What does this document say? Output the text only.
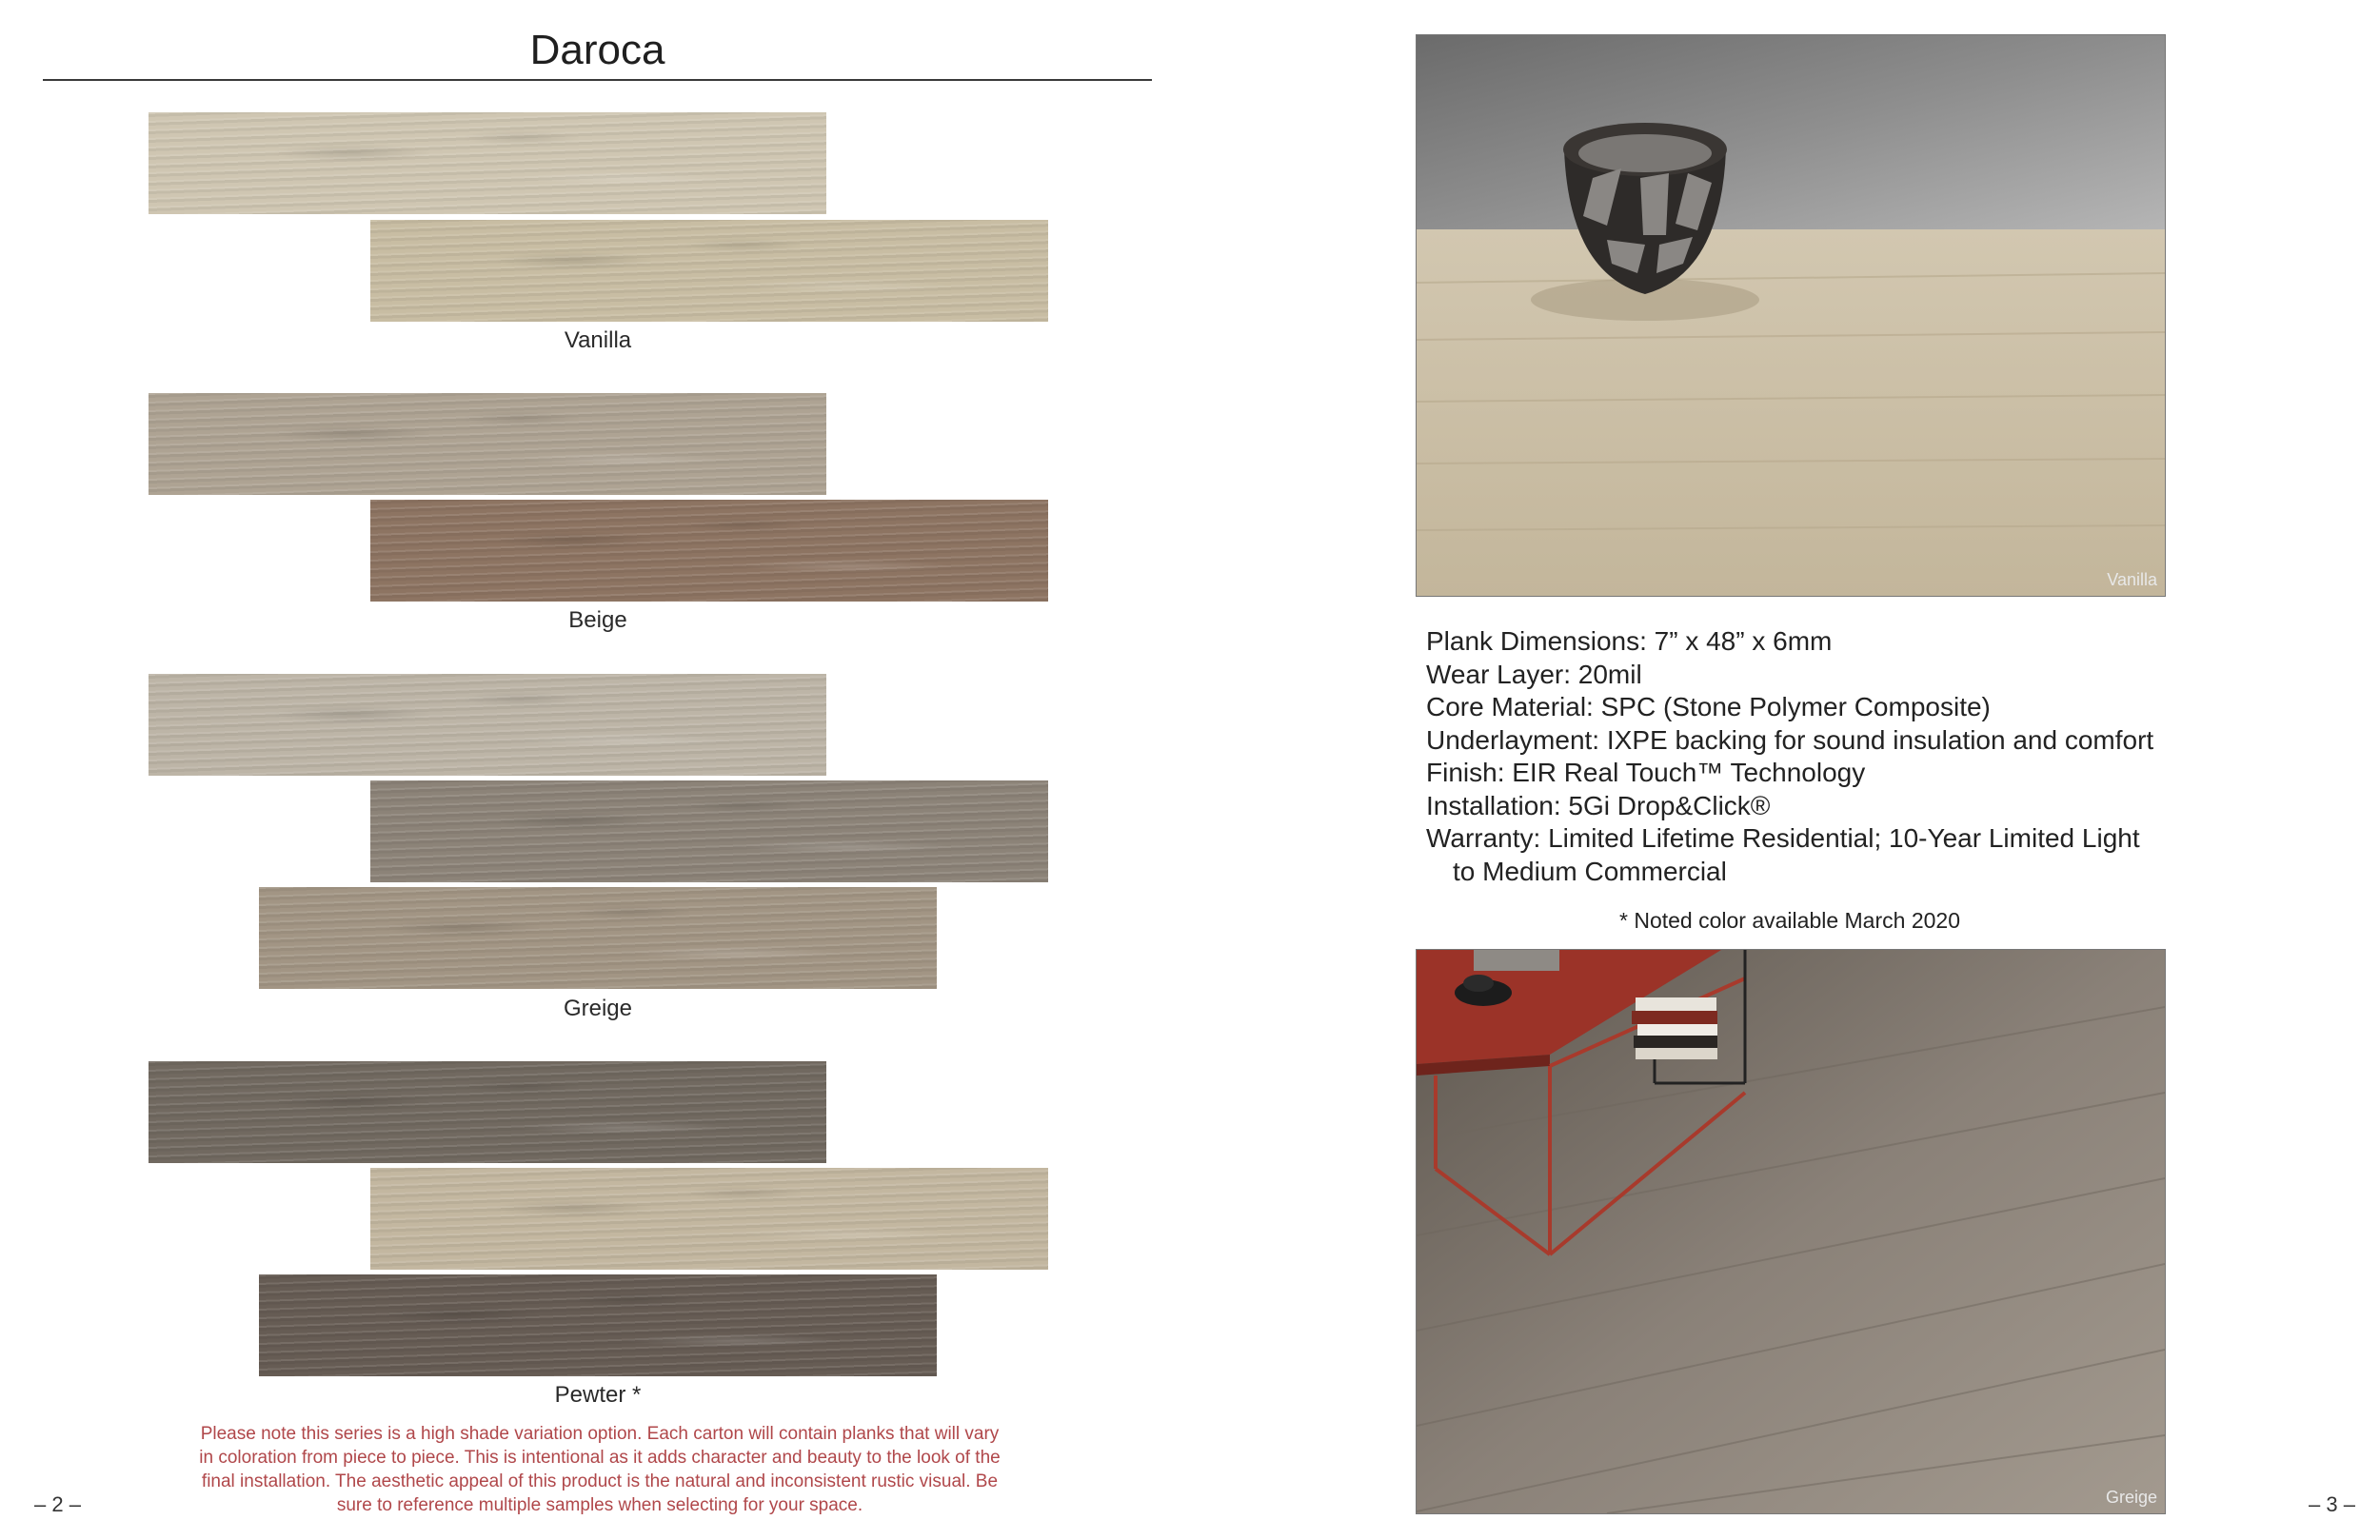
Daroca
Vanilla
Beige
Greige
Pewter *
Please note this series is a high shade variation option. Each carton will contain planks that will vary in coloration from piece to piece. This is intentional as it adds character and beauty to the look of the final installation. The aesthetic appeal of this product is the natural and inconsistent rustic visual. Be sure to reference multiple samples when selecting for your space.
– 2 –
Vanilla
Plank Dimensions: 7” x 48” x 6mm
Wear Layer: 20mil
Core Material: SPC (Stone Polymer Composite)
Underlayment: IXPE backing for sound insulation and comfort
Finish: EIR Real Touch™ Technology
Installation: 5Gi Drop&Click®
Warranty: Limited Lifetime Residential; 10-Year Limited Light
to Medium Commercial
* Noted color available March 2020
Greige	– 3 –
